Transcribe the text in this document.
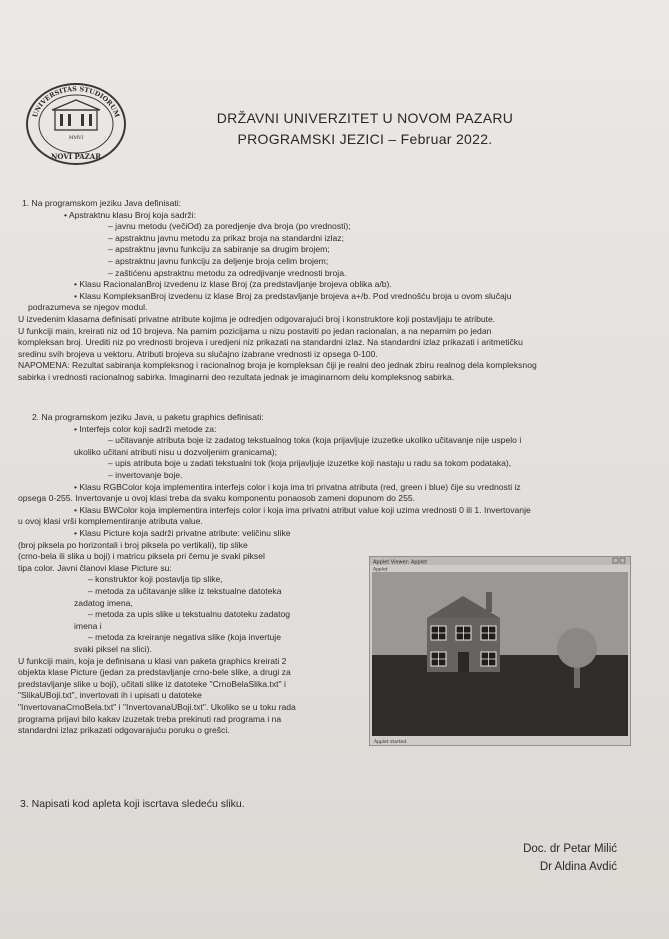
UNIVERSITAS STUDIORUM
MMVI
NOVI PAZAR
DRŽAVNI UNIVERZITET U NOVOM PAZARU
PROGRAMSKI JEZICI – Februar 2022.
1. Na programskom jeziku Java definisati:
• Apstraktnu klasu Broj koja sadrži:
– javnu metodu (večiOd) za poredjenje dva broja (po vrednosti);
– apstraktnu javnu metodu za prikaz broja na standardni izlaz;
– apstraktnu javnu funkciju za sabiranje sa drugim brojem;
– apstraktnu javnu funkciju za deljenje broja celim brojem;
– zaštićenu apstraktnu metodu za odredjivanje vrednosti broja.
• Klasu RacionalanBroj izvedenu iz klase Broj (za predstavljanje brojeva oblika a/b).
• Klasu KompleksanBroj izvedenu iz klase Broj za predstavljanje brojeva a+/b. Pod vrednošću broja u ovom slučaju
podrazumeva se njegov modul.
U izvedenim klasama definisati privatne atribute kojima je odredjen odgovarajući broj i konstruktore koji postavljaju te atribute.
U funkciji main, kreirati niz od 10 brojeva. Na parnim pozicijama u nizu postaviti po jedan racionalan, a na neparnim po jedan
kompleksan broj. Urediti niz po vrednosti brojeva i uredjeni niz prikazati na standardni izlaz. Na standardni izlaz prikazati i aritmetičku
sredinu svih brojeva u vektoru. Atributi brojeva su slučajno izabrane vrednosti iz opsega 0-100.
NAPOMENA: Rezultat sabiranja kompleksnog i racionalnog broja je kompleksan čiji je realni deo jednak zbiru realnog dela kompleksnog
sabirka i vrednosti racionalnog sabirka. Imaginarni deo rezultata jednak je imaginarnom delu kompleksnog sabirka.
2. Na programskom jeziku Java, u paketu graphics definisati:
• Interfejs color koji sadrži metode za:
– učitavanje atributa boje iz zadatog tekstualnog toka (koja prijavljuje izuzetke ukoliko učitavanje nije uspelo i
ukoliko učitani atributi nisu u dozvoljenim granicama);
– upis atributa boje u zadati tekstualni tok (koja prijavljuje izuzetke koji nastaju u radu sa tokom podataka),
– invertovanje boje.
• Klasu RGBColor koja implementira interfejs color i koja ima tri privatna atributa (red, green i blue) čije su vrednosti iz
opsega 0-255. Invertovanje u ovoj klasi treba da svaku komponentu ponaosob zameni dopunom do 255.
• Klasu BWColor koja implementira interfejs color i koja ima privatni atribut value koji uzima vrednosti 0 ili 1. Invertovanje
u ovoj klasi vrši komplementiranje atributa value.
• Klasu Picture koja sadrži privatne atribute: veličinu slike
(broj piksela po horizontali i broj piksela po vertikali), tip slike
(crno-bela ili slika u boji) i matricu piksela pri čemu je svaki piksel
tipa color. Javni članovi klase Picture su:
– konstruktor koji postavlja tip slike,
– metoda za učitavanje slike iz tekstualne datoteka
zadatog imena,
– metoda za upis slike u tekstualnu datoteku zadatog
imena i
– metoda za kreiranje negativa slike (koja invertuje
svaki piksel na slici).
U funkciji main, koja je definisana u klasi van paketa graphics kreirati 2
objekta klase Picture (jedan za predstavljanje crno-bele slike, a drugi za
predstavljanje slike u boji), učitati slike iz datoteke "CrnoBelaSlika.txt" i
"SlikaUBoji.txt", invertovati ih i upisati u datoteke
"InvertovanaCrnoBela.txt" i "InvertovanaUBoji.txt". Ukoliko se u toku rada
programa prijavi bilo kakav izuzetak treba prekinuti rad programa i na
standardni izlaz prikazati odgovarajuću poruku o grešci.
Applet Viewer: Applet
Applet
Applet started.
3. Napisati kod apleta koji iscrtava sledeću sliku.
Doc. dr Petar Milić
Dr Aldina Avdić
